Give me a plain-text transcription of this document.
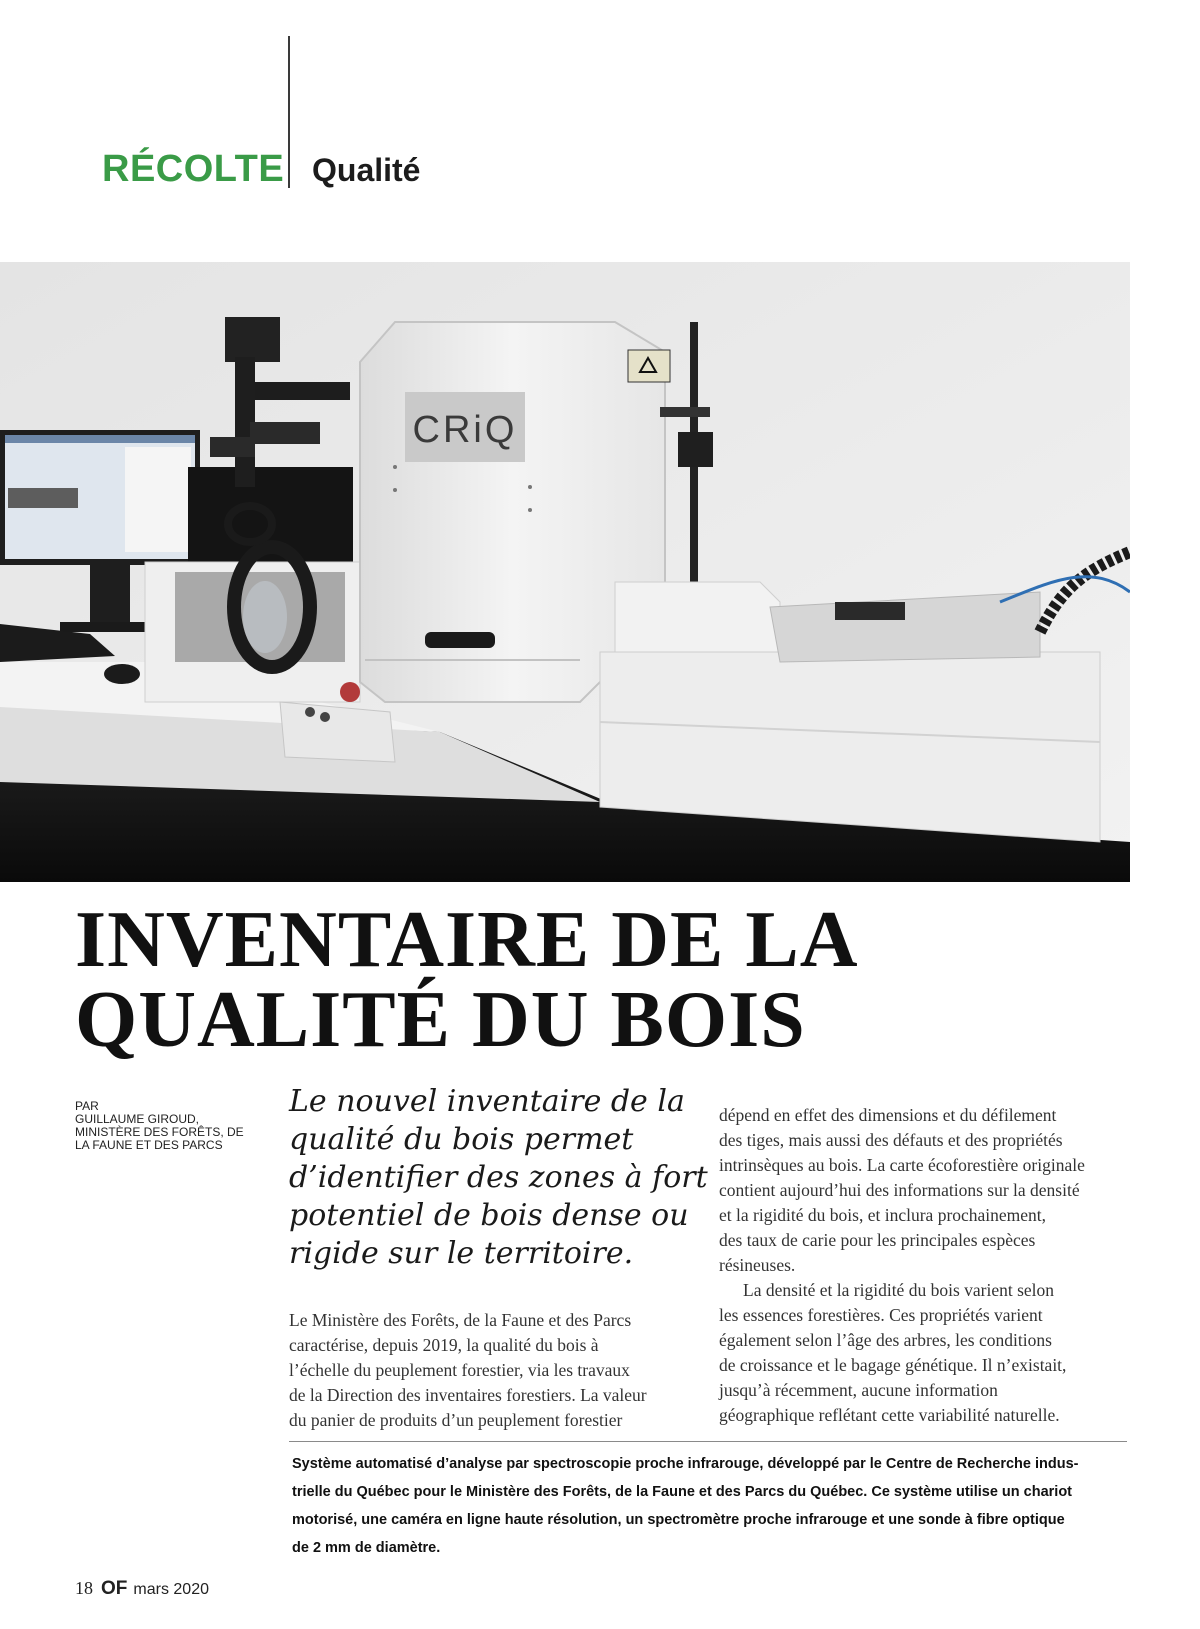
RÉCOLTE Qualité
CRiQ
INVENTAIRE DE LA
QUALITÉ DU BOIS
PAR
GUILLAUME GIROUD,
MINISTÈRE DES FORÊTS, DE
LA FAUNE ET DES PARCS
Le nouvel inventaire de la
qualité du bois permet
d’identifier des zones à fort
potentiel de bois dense ou
rigide sur le territoire.
Le Ministère des Forêts, de la Faune et des Parcs
caractérise, depuis 2019, la qualité du bois à
l’échelle du peuplement forestier, via les travaux
de la Direction des inventaires forestiers. La valeur
du panier de produits d’un peuplement forestier
dépend en effet des dimensions et du défilement
des tiges, mais aussi des défauts et des propriétés
intrinsèques au bois. La carte écoforestière originale
contient aujourd’hui des informations sur la densité
et la rigidité du bois, et inclura prochainement,
des taux de carie pour les principales espèces
résineuses.
La densité et la rigidité du bois varient selon
les essences forestières. Ces propriétés varient
également selon l’âge des arbres, les conditions
de croissance et le bagage génétique. Il n’existait,
jusqu’à récemment, aucune information
géographique reflétant cette variabilité naturelle.
Système automatisé d’analyse par spectroscopie proche infrarouge, développé par le Centre de Recherche indus-
trielle du Québec pour le Ministère des Forêts, de la Faune et des Parcs du Québec. Ce système utilise un chariot
motorisé, une caméra en ligne haute résolution, un spectromètre proche infrarouge et une sonde à fibre optique
de 2 mm de diamètre.
18 OF mars 2020
